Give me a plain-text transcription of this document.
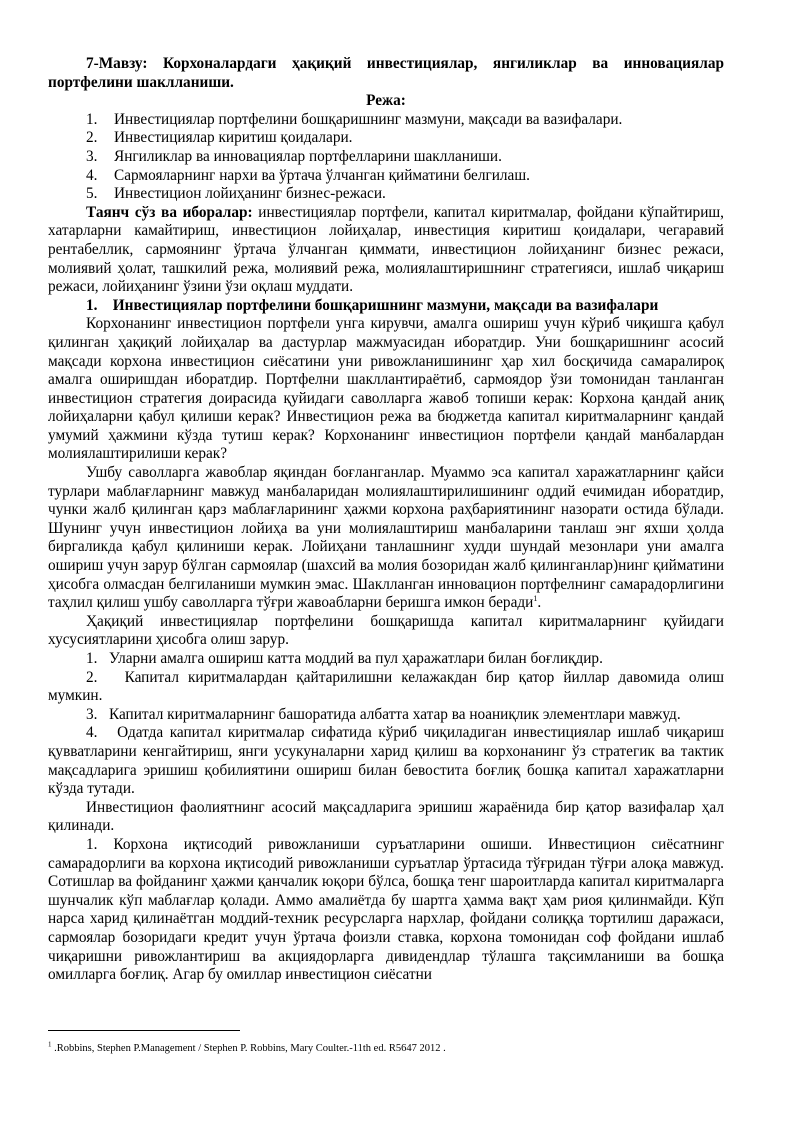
7-Мавзу: Корхоналардаги ҳақиқий инвестициялар, янгиликлар ва инновациялар портфелини шаклланиши.

Режа:

1.	Инвестициялар портфелини бошқаришнинг мазмуни, мақсади ва вазифалари.
2.	Инвестициялар киритиш қоидалари.
3.	Янгиликлар ва инновациялар портфелларини шаклланиши.
4.	Сармояларнинг нархи ва ўртача ўлчанган қийматини белгилаш.
5.	Инвестицион лойиҳанинг бизнес-режаси.

Таянч сўз ва иборалар: инвестициялар портфели, капитал киритмалар, фойдани кўпайтириш, хатарларни камайтириш, инвестицион лойиҳалар, инвестиция киритиш қоидалари, чегаравий рентабеллик, сармоянинг ўртача ўлчанган қиммати, инвестицион лойиҳанинг бизнес режаси, молиявий ҳолат, ташкилий режа, молиявий режа, молиялаштиришнинг стратегияси, ишлаб чиқариш режаси, лойиҳанинг ўзини ўзи оқлаш муддати.

1.    Инвестициялар портфелини бошқаришнинг мазмуни, мақсади ва вазифалари

Корхонанинг инвестицион портфели унга кирувчи, амалга ошириш учун кўриб чиқишга қабул қилинган ҳақиқий лойиҳалар ва дастурлар мажмуасидан иборатдир. Уни бошқаришнинг асосий мақсади корхона инвестицион сиёсатини уни ривожланишининг ҳар хил босқичида самаралироқ амалга оширишдан иборатдир. Портфелни шакллантираётиб, сармоядор ўзи томонидан танланган инвестицион стратегия доирасида қуйидаги саволларга жавоб топиши керак: Корхона қандай аниқ лойиҳаларни қабул қилиши керак? Инвестицион режа ва бюджетда капитал киритмаларнинг қандай умумий ҳажмини кўзда тутиш керак? Корхонанинг инвестицион портфели қандай манбалардан молиялаштирилиши керак?

Ушбу саволларга жавоблар яқиндан боғланганлар. Муаммо эса капитал харажатларнинг қайси турлари маблағларнинг мавжуд манбаларидан молиялаштирилишининг оддий ечимидан иборатдир, чунки жалб қилинган қарз маблағларининг ҳажми корхона раҳбариятининг назорати остида бўлади. Шунинг учун инвестицион лойиҳа ва уни молиялаштириш манбаларини танлаш энг яхши ҳолда биргаликда қабул қилиниши керак. Лойиҳани танлашнинг худди шундай мезонлари уни амалга ошириш учун зарур бўлган сармоялар (шахсий ва молия бозоридан жалб қилинганлар)нинг қийматини ҳисобга олмасдан белгиланиши мумкин эмас. Шаклланган инновацион портфелнинг самарадорлигини таҳлил қилиш ушбу саволларга тўғри жавоабларни беришга имкон беради$^1$.

Ҳақиқий инвестициялар портфелини бошқаришда капитал киритмаларнинг қуйидаги хусусиятларини ҳисобга олиш зарур.

1. Уларни амалга ошириш катта моддий ва пул ҳаражатлари билан боғлиқдир.

2. Капитал киритмалардан қайтарилишни келажакдан бир қатор йиллар давомида олиш мумкин.

3. Капитал киритмаларнинг башоратида албатта хатар ва ноаниқлик элементлари мавжуд.

4. Одатда капитал киритмалар сифатида кўриб чиқиладиган инвестициялар ишлаб чиқариш қувватларини кенгайтириш, янги усукуналарни харид қилиш ва корхонанинг ўз стратегик ва тактик мақсадларига эришиш қобилиятини ошириш билан бевостита боғлиқ бошқа капитал харажатларни кўзда тутади.

Инвестицион фаолиятнинг асосий мақсадларига эришиш жараёнида бир қатор вазифалар ҳал қилинади.

1. Корхона иқтисодий ривожланиши суръатларини ошиши. Инвестицион сиёсатнинг самарадорлиги ва корхона иқтисодий ривожланиши суръатлар ўртасида тўғридан тўғри алоқа мавжуд. Сотишлар ва фойданинг ҳажми қанчалик юқори бўлса, бошқа тенг шароитларда капитал киритмаларга шунчалик кўп маблағлар қолади. Аммо амалиётда бу шартга ҳамма вақт ҳам риоя қилинмайди. Кўп нарса харид қилинаётган моддий-техник ресурсларга нархлар, фойдани солиққа тортилиш даражаси, сармоялар бозоридаги кредит учун ўртача фоизли ставка, корхона томонидан соф фойдани ишлаб чиқаришни ривожлантириш ва акциядорларга дивидендлар тўлашга тақсимланиши ва бошқа омилларга боғлиқ. Агар бу омиллар инвестицион сиёсатни

$^1$ .Robbins, Stephen P.Management / Stephen P. Robbins, Mary Coulter.-11th ed. R5647 2012 .
